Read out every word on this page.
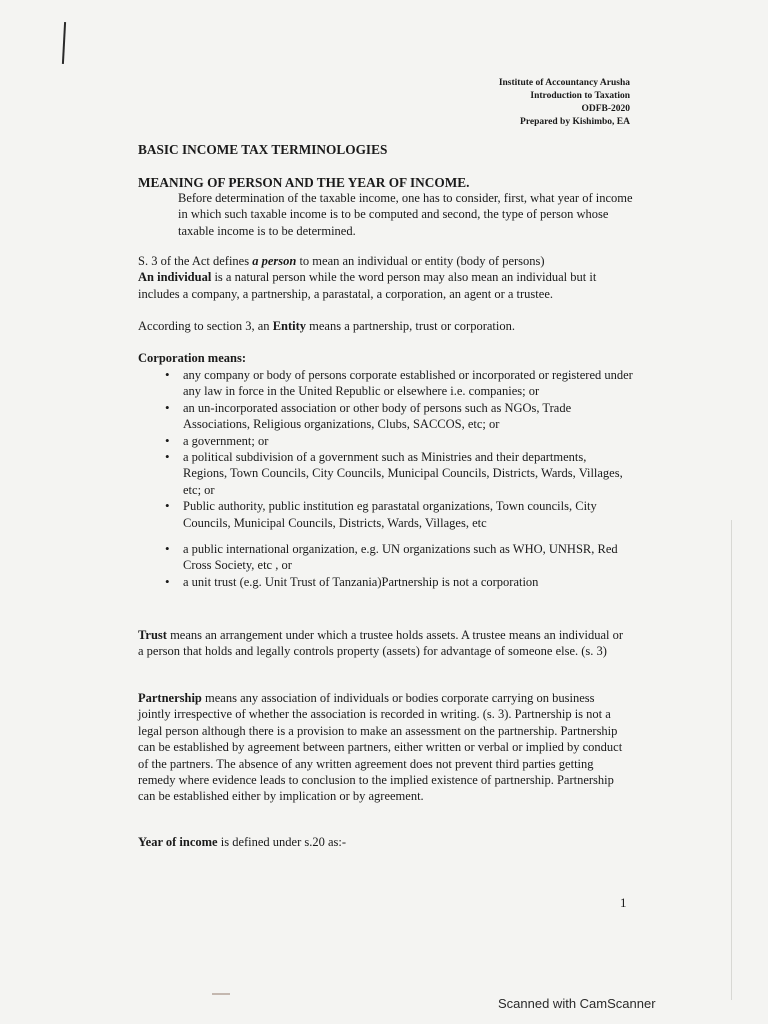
Institute of Accountancy Arusha
Introduction to Taxation
ODFB-2020
Prepared by Kishimbo, EA
BASIC INCOME TAX TERMINOLOGIES
MEANING OF PERSON AND THE YEAR OF INCOME.
Before determination of the taxable income, one has to consider, first, what year of income in which such taxable income is to be computed and second, the type of person whose taxable income is to be determined.
S. 3 of the Act defines a person to mean an individual or entity (body of persons)
An individual is a natural person while the word person may also mean an individual but it includes a company, a partnership, a parastatal, a corporation, an agent or a trustee.
According to section 3, an Entity means a partnership, trust or corporation.
Corporation means:
• any company or body of persons corporate established or incorporated or registered under any law in force in the United Republic or elsewhere i.e. companies; or
• an un-incorporated association or other body of persons such as NGOs, Trade Associations, Religious organizations, Clubs, SACCOS, etc; or
• a government; or
• a political subdivision of a government such as Ministries and their departments, Regions, Town Councils, City Councils, Municipal Councils, Districts, Wards, Villages, etc; or
• Public authority, public institution eg parastatal organizations, Town councils, City Councils, Municipal Councils, Districts, Wards, Villages, etc
• a public international organization, e.g. UN organizations such as WHO, UNHSR, Red Cross Society, etc , or
• a unit trust (e.g. Unit Trust of Tanzania)Partnership is not a corporation
Trust means an arrangement under which a trustee holds assets. A trustee means an individual or a person that holds and legally controls property (assets) for advantage of someone else. (s. 3)
Partnership means any association of individuals or bodies corporate carrying on business jointly irrespective of whether the association is recorded in writing. (s. 3). Partnership is not a legal person although there is a provision to make an assessment on the partnership. Partnership can be established by agreement between partners, either written or verbal or implied by conduct of the partners. The absence of any written agreement does not prevent third parties getting remedy where evidence leads to conclusion to the implied existence of partnership. Partnership can be established either by implication or by agreement.
Year of income is defined under s.20 as:-
1
Scanned with CamScanner
